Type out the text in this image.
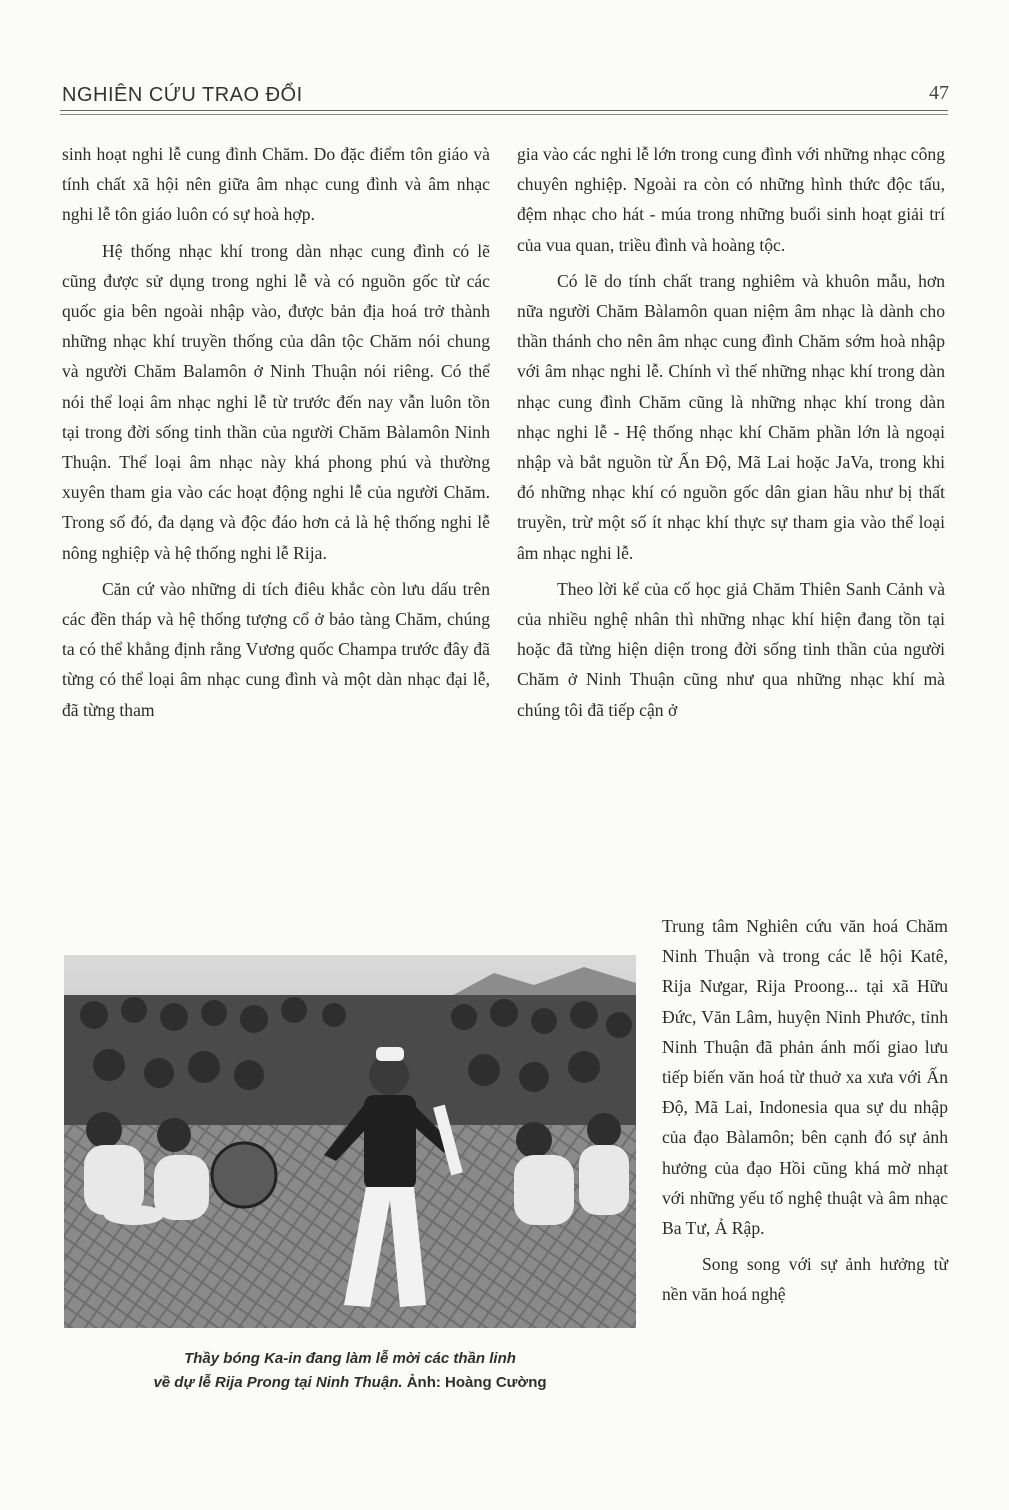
NGHIÊN CỨU TRAO ĐỔI	47

sinh hoạt nghi lễ cung đình Chăm. Do đặc điểm tôn giáo và tính chất xã hội nên giữa âm nhạc cung đình và âm nhạc nghi lễ tôn giáo luôn có sự hoà hợp.

Hệ thống nhạc khí trong dàn nhạc cung đình có lẽ cũng được sử dụng trong nghi lễ và có nguồn gốc từ các quốc gia bên ngoài nhập vào, được bản địa hoá trở thành những nhạc khí truyền thống của dân tộc Chăm nói chung và người Chăm Balamôn ở Ninh Thuận nói riêng. Có thể nói thể loại âm nhạc nghi lễ từ trước đến nay vẫn luôn tồn tại trong đời sống tinh thần của người Chăm Bàlamôn Ninh Thuận. Thể loại âm nhạc này khá phong phú và thường xuyên tham gia vào các hoạt động nghi lễ của người Chăm. Trong số đó, đa dạng và độc đáo hơn cả là hệ thống nghi lễ nông nghiệp và hệ thống nghi lễ Rija.

Căn cứ vào những di tích điêu khắc còn lưu dấu trên các đền tháp và hệ thống tượng cổ ở bảo tàng Chăm, chúng ta có thể khẳng định rằng Vương quốc Champa trước đây đã từng có thể loại âm nhạc cung đình và một dàn nhạc đại lễ, đã từng tham

gia vào các nghi lễ lớn trong cung đình với những nhạc công chuyên nghiệp. Ngoài ra còn có những hình thức độc tấu, đệm nhạc cho hát - múa trong những buổi sinh hoạt giải trí của vua quan, triều đình và hoàng tộc.

Có lẽ do tính chất trang nghiêm và khuôn mẫu, hơn nữa người Chăm Bàlamôn quan niệm âm nhạc là dành cho thần thánh cho nên âm nhạc cung đình Chăm sớm hoà nhập với âm nhạc nghi lễ. Chính vì thế những nhạc khí trong dàn nhạc cung đình Chăm cũng là những nhạc khí trong dàn nhạc nghi lễ - Hệ thống nhạc khí Chăm phần lớn là ngoại nhập và bắt nguồn từ Ấn Độ, Mã Lai hoặc JaVa, trong khi đó những nhạc khí có nguồn gốc dân gian hầu như bị thất truyền, trừ một số ít nhạc khí thực sự tham gia vào thể loại âm nhạc nghi lễ.

Theo lời kể của cố học giả Chăm Thiên Sanh Cảnh và của nhiều nghệ nhân thì những nhạc khí hiện đang tồn tại hoặc đã từng hiện diện trong đời sống tinh thần của người Chăm ở Ninh Thuận cũng như qua những nhạc khí mà chúng tôi đã tiếp cận ở

Trung tâm Nghiên cứu văn hoá Chăm Ninh Thuận và trong các lễ hội Katê, Rija Nưgar, Rija Proong... tại xã Hữu Đức, Văn Lâm, huyện Ninh Phước, tỉnh Ninh Thuận đã phản ánh mối giao lưu tiếp biến văn hoá từ thuở xa xưa với Ấn Độ, Mã Lai, Indonesia qua sự du nhập của đạo Bàlamôn; bên cạnh đó sự ảnh hưởng của đạo Hồi cũng khá mờ nhạt với những yếu tố nghệ thuật và âm nhạc Ba Tư, Ả Rập.

Song song với sự ảnh hưởng từ nền văn hoá nghệ

Thầy bóng Ka-in đang làm lễ mời các thần linh
về dự lễ Rija Prong tại Ninh Thuận. Ảnh: Hoàng Cường
